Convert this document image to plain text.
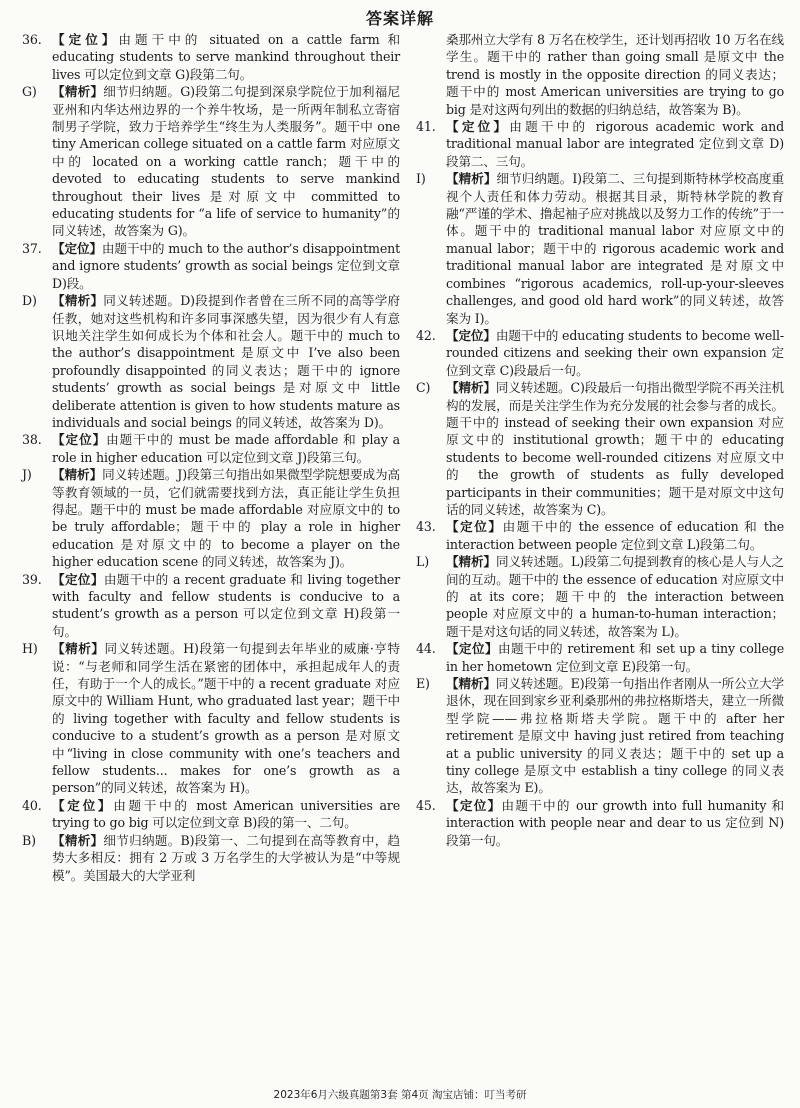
答案详解
36. 【定位】由题干中的 situated on a cattle farm 和 educating students to serve mankind throughout their lives 可以定位到文章 G)段第二句。
G)	【精析】细节归纳题。G)段第二句提到深泉学院位于加利福尼亚州和内华达州边界的一个养牛牧场，是一所两年制私立寄宿制男子学院，致力于培养学生“终生为人类服务”。题干中 one tiny American college situated on a cattle farm 对应原文中的 located on a working cattle ranch；题干中的 devoted to educating students to serve mankind throughout their lives 是对原文中 committed to educating students for “a life of service to humanity”的同义转述，故答案为 G)。
37. 【定位】由题干中的 much to the author’s disappointment and ignore students’ growth as social beings 定位到文章 D)段。
D)	【精析】同义转述题。D)段提到作者曾在三所不同的高等学府任教，她对这些机构和许多同事深感失望，因为很少有人有意识地关注学生如何成长为个体和社会人。题干中的 much to the author’s disappointment 是原文中 I’ve also been profoundly disappointed 的同义表达；题干中的 ignore students’ growth as social beings 是对原文中 little deliberate attention is given to how students mature as individuals and social beings 的同义转述，故答案为 D)。
38. 【定位】由题干中的 must be made affordable 和 play a role in higher education 可以定位到文章 J)段第三句。
J)	【精析】同义转述题。J)段第三句指出如果微型学院想要成为高等教育领域的一员，它们就需要找到方法，真正能让学生负担得起。题干中的 must be made affordable 对应原文中的 to be truly affordable；题干中的 play a role in higher education 是对原文中的 to become a player on the higher education scene 的同义转述，故答案为 J)。
39. 【定位】由题干中的 a recent graduate 和 living together with faculty and fellow students is conducive to a student’s growth as a person 可以定位到文章 H)段第一句。
H)	【精析】同义转述题。H)段第一句提到去年毕业的威廉·亨特说：“与老师和同学生活在紧密的团体中，承担起成年人的责任，有助于一个人的成长。”题干中的 a recent graduate 对应原文中的 William Hunt, who graduated last year；题干中的 living together with faculty and fellow students is conducive to a student’s growth as a person 是对原文中“living in close community with one’s teachers and fellow students... makes for one’s growth as a person”的同义转述，故答案为 H)。
40. 【定位】由题干中的 most American universities are trying to go big 可以定位到文章 B)段的第一、二句。
B)	【精析】细节归纳题。B)段第一、二句提到在高等教育中，趋势大多相反：拥有 2 万或 3 万名学生的大学被认为是“中等规模”。美国最大的大学亚利
桑那州立大学有 8 万名在校学生，还计划再招收 10 万名在线学生。题干中的 rather than going small 是原文中 the trend is mostly in the opposite direction 的同义表达；题干中的 most American universities are trying to go big 是对这两句列出的数据的归纳总结，故答案为 B)。
41. 【定位】由题干中的 rigorous academic work and traditional manual labor are integrated 定位到文章 D)段第二、三句。
I)	【精析】细节归纳题。I)段第二、三句提到斯特林学校高度重视个人责任和体力劳动。根据其目录，斯特林学院的教育融“严谨的学术、撸起袖子应对挑战以及努力工作的传统”于一体。题干中的 traditional manual labor 对应原文中的 manual labor；题干中的 rigorous academic work and traditional manual labor are integrated 是对原文中 combines “rigorous academics, roll-up-your-sleeves challenges, and good old hard work”的同义转述，故答案为 I)。
42. 【定位】由题干中的 educating students to become well-rounded citizens and seeking their own expansion 定位到文章 C)段最后一句。
C)	【精析】同义转述题。C)段最后一句指出微型学院不再关注机构的发展，而是关注学生作为充分发展的社会参与者的成长。题干中的 instead of seeking their own expansion 对应原文中的 institutional growth；题干中的 educating students to become well-rounded citizens 对应原文中的 the growth of students as fully developed participants in their communities；题干是对原文中这句话的同义转述，故答案为 C)。
43. 【定位】由题干中的 the essence of education 和 the interaction between people 定位到文章 L)段第二句。
L)	【精析】同义转述题。L)段第二句提到教育的核心是人与人之间的互动。题干中的 the essence of education 对应原文中的 at its core；题干中的 the interaction between people 对应原文中的 a human-to-human interaction；题干是对这句话的同义转述，故答案为 L)。
44. 【定位】由题干中的 retirement 和 set up a tiny college in her hometown 定位到文章 E)段第一句。
E)	【精析】同义转述题。E)段第一句指出作者刚从一所公立大学退休，现在回到家乡亚利桑那州的弗拉格斯塔夫，建立一所微型学院——弗拉格斯塔夫学院。题干中的 after her retirement 是原文中 having just retired from teaching at a public university 的同义表达；题干中的 set up a tiny college 是原文中 establish a tiny college 的同义表达，故答案为 E)。
45. 【定位】由题干中的 our growth into full humanity 和 interaction with people near and dear to us 定位到 N)段第一句。
2023年6月六级真题第3套 第4页 淘宝店铺：叮当考研
